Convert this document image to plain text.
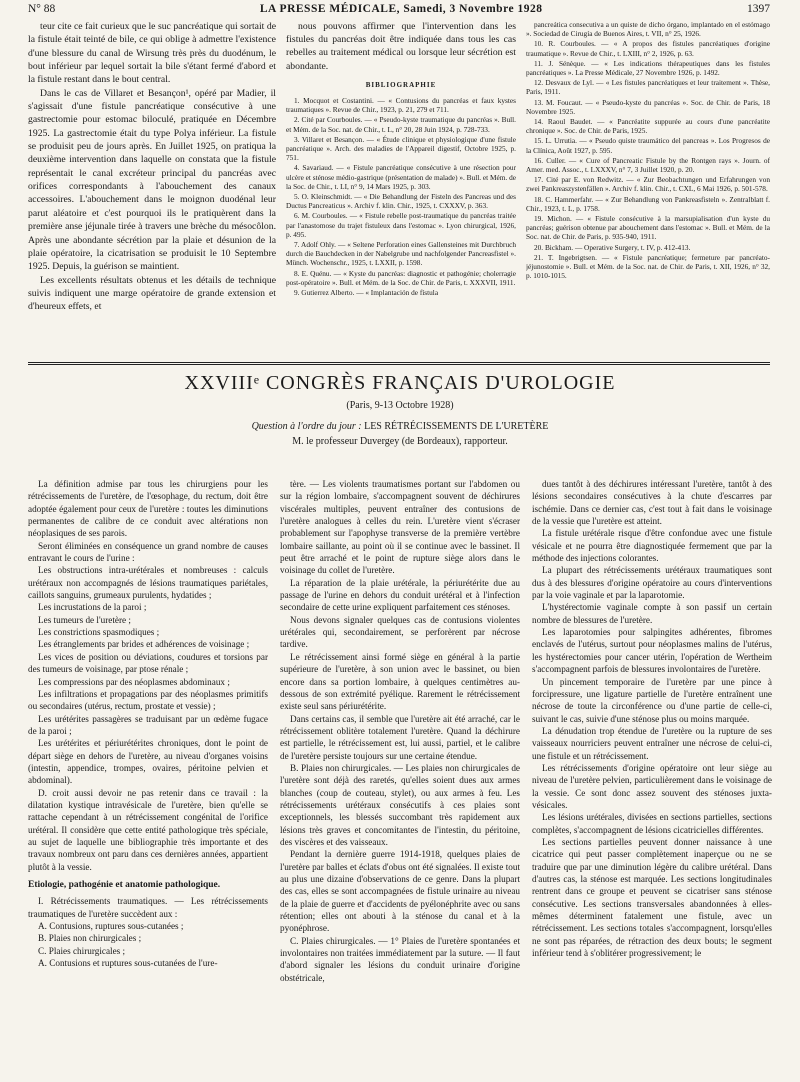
N° 88	LA PRESSE MÉDICALE, Samedi, 3 Novembre 1928	1397

teur cite ce fait curieux que le suc pancréatique qui sortait de la fistule était teinté de bile, ce qui oblige à admettre l'existence d'une blessure du canal de Wirsung très près du duodénum, le bout inférieur par lequel sortait la bile s'étant fermé d'abord et la fistule restant dans le bout central.

Dans le cas de Villaret et Besançon¹, opéré par Madier, il s'agissait d'une fistule pancréatique consécutive à une gastrectomie pour estomac biloculé, pratiquée en Décembre 1925. La gastrectomie était du type Polya inférieur. La fistule se produisit peu de jours après. En Juillet 1925, on pratiqua la deuxième intervention dans laquelle on constata que la fistule représentait le canal excréteur principal du pancréas avec orifices correspondants à l'abouchement des canaux accessoires. L'abouchement dans le moignon duodénal leur parut aléatoire et c'est pourquoi ils le pratiquèrent dans la première anse jéjunale tirée à travers une brèche du mésocôlon. Après une abondante sécrétion par la plaie et désunion de la plaie opératoire, la cicatrisation se produisit le 10 Septembre 1925. Depuis, la guérison se maintient.

Les excellents résultats obtenus et les détails de technique suivis indiquent une marge opératoire de grande extension et d'heureux effets, et

nous pouvons affirmer que l'intervention dans les fistules du pancréas doit être indiquée dans tous les cas rebelles au traitement médical ou lorsque leur sécrétion est abondante.

BIBLIOGRAPHIE

1. Mocquot et Costantini. — « Contusions du pancréas et faux kystes traumatiques ». Revue de Chir., 1923, p. 21, 279 et 711.

2. Cité par Courboules. — « Pseudo-kyste traumatique du pancréas ». Bull. et Mém. de la Soc. nat. de Chir., t. L, n° 20, 28 Juin 1924, p. 728-733.

3. Villaret et Besançon. — « Étude clinique et physiologique d'une fistule pancréatique ». Arch. des maladies de l'Appareil digestif, Octobre 1925, p. 751.

4. Savariaud. — « Fistule pancréatique consécutive à une résection pour ulcère et sténose médio-gastrique (présentation de malade) ». Bull. et Mém. de la Soc. de Chir., t. LI, n° 9, 14 Mars 1925, p. 303.

5. O. Kleinschmidt. — « Die Behandlung der Fisteln des Pancreas und des Ductus Pancreaticus ». Archiv f. klin. Chir., 1925, t. CXXXV, p. 363.

6. M. Courboules. — « Fistule rebelle post-traumatique du pancréas traitée par l'anastomose du trajet fistuleux dans l'estomac ». Lyon chirurgical, 1926, p. 495.

7. Adolf Ohly. — « Seltene Perforation eines Gallensteines mit Durchbruch durch die Bauchdecken in der Nabelgrube und nachfolgender Pancreasfistel ». Münch. Wochenschr., 1925, t. LXXII, p. 1598.

8. E. Quénu. — « Kyste du pancréas: diagnostic et pathogénie; cholerragie post-opératoire ». Bull. et Mém. de la Soc. de Chir. de Paris, t. XXXVII, 1911.

9. Gutierrez Alberto. — « Implantación de fístula

pancreática consecutiva a un quiste de dicho órgano, implantado en el estómago ». Sociedad de Cirugía de Buenos Aires, t. VII, n° 25, 1926.

10. R. Courboules. — « A propos des fistules pancréatiques d'origine traumatique ». Revue de Chir., t. LXIII, n° 2, 1926, p. 63.

11. J. Sénèque. — « Les indications thérapeutiques dans les fistules pancréatiques ». La Presse Médicale, 27 Novembre 1926, p. 1492.

12. Desvaux de Lyl. — « Les fistules pancréatiques et leur traitement ». Thèse, Paris, 1911.

13. M. Foucaut. — « Pseudo-kyste du pancréas ». Soc. de Chir. de Paris, 18 Novembre 1925.

14. Raoul Baudet. — « Pancréatite suppurée au cours d'une pancréatite chronique ». Soc. de Chir. de Paris, 1925.

15. L. Urrutia. — « Pseudo quiste traumático del pancreas ». Los Progresos de la Clínica, Août 1927, p. 595.

16. Culler. — « Cure of Pancreatic Fistule by the Rontgen rays ». Journ. of Amer. med. Assoc., t. LXXXV, n° 7, 3 Juillet 1920, p. 20.

17. Cité par E. von Redwitz. — « Zur Beobachtungen und Erfahrungen von zwei Pankreaszystenfällen ». Archiv f. klin. Chir., t. CXL, 6 Mai 1926, p. 501-578.

18. C. Hammerfahr. — « Zur Behandlung von Pankreasfisteln ». Zentralblatt f. Chir., 1923, t. L, p. 1758.

19. Michon. — « Fistule consécutive à la marsupialisation d'un kyste du pancréas; guérison obtenue par abouchement dans l'estomac ». Bull. et Mém. de la Soc. nat. de Chir. de Paris, p. 935-940, 1911.

20. Bickham. — Operative Surgery, t. IV, p. 412-413.

21. T. Ingebrigtsen. — « Fistule pancréatique; fermeture par pancréato-jéjunostomie ». Bull. et Mém. de la Soc. nat. de Chir. de Paris, t. XII, 1926, n° 32, p. 1010-1015.

XXVIIIᵉ CONGRÈS FRANÇAIS D'UROLOGIE
(Paris, 9-13 Octobre 1928)
Question à l'ordre du jour : LES RÉTRÉCISSEMENTS DE L'URETÈRE
M. le professeur Duvergey (de Bordeaux), rapporteur.

La définition admise par tous les chirurgiens pour les rétrécissements de l'uretère, de l'œsophage, du rectum, doit être adoptée également pour ceux de l'uretère : toutes les diminutions permanentes de calibre de ce conduit avec altérations non néoplasiques de ses parois.

Seront éliminées en conséquence un grand nombre de causes entravant le cours de l'urine :

Les obstructions intra-urétérales et nombreuses : calculs urétéraux non accompagnés de lésions traumatiques pariétales, caillots sanguins, grumeaux purulents, hydatides ;

Les incrustations de la paroi ;

Les tumeurs de l'uretère ;

Les constrictions spasmodiques ;

Les étranglements par brides et adhérences de voisinage ;

Les vices de position ou déviations, coudures et torsions par des tumeurs de voisinage, par ptose rénale ;

Les compressions par des néoplasmes abdominaux ;

Les infiltrations et propagations par des néoplasmes primitifs ou secondaires (utérus, rectum, prostate et vessie) ;

Les urétérites passagères se traduisant par un œdème fugace de la paroi ;

Les urétérites et périurétérites chroniques, dont le point de départ siège en dehors de l'uretère, au niveau d'organes voisins (intestin, appendice, trompes, ovaires, péritoine pelvien et abdominal).

D. croit aussi devoir ne pas retenir dans ce travail : la dilatation kystique intravésicale de l'uretère, bien qu'elle se rattache cependant à un rétrécissement congénital de l'orifice urétéral. Il considère que cette entité pathologique très spéciale, au sujet de laquelle une bibliographie très importante et des travaux nombreux ont paru dans ces dernières années, appartient plutôt à la vessie.

Etiologie, pathogénie et anatomie pathologique.

I. Rétrécissements traumatiques. — Les rétrécissements traumatiques de l'uretère succèdent aux :

A. Contusions, ruptures sous-cutanées ;

B. Plaies non chirurgicales ;

C. Plaies chirurgicales ;

A. Contusions et ruptures sous-cutanées de l'ure-

tère. — Les violents traumatismes portant sur l'abdomen ou sur la région lombaire, s'accompagnent souvent de déchirures viscérales multiples, peuvent entraîner des contusions de l'uretère analogues à celles du rein. L'uretère vient s'écraser probablement sur l'apophyse transverse de la première vertèbre lombaire saillante, au point où il se continue avec le bassinet. Il peut être arraché et le point de rupture siège alors dans le voisinage du collet de l'uretère.

La réparation de la plaie urétérale, la périurétérite due au passage de l'urine en dehors du conduit urétéral et à l'infection secondaire de cette urine expliquent parfaitement ces sténoses.

Nous devons signaler quelques cas de contusions violentes urétérales qui, secondairement, se perforèrent par nécrose tardive.

Le rétrécissement ainsi formé siège en général à la partie supérieure de l'uretère, à son union avec le bassinet, ou bien encore dans sa portion lombaire, à quelques centimètres au-dessous de son extrémité pyélique. Rarement le rétrécissement existe seul sans périurétérite.

Dans certains cas, il semble que l'uretère ait été arraché, car le rétrécissement oblitère totalement l'uretère. Quand la déchirure est partielle, le rétrécissement est, lui aussi, partiel, et le calibre de l'uretère persiste toujours sur une certaine étendue.

B. Plaies non chirurgicales. — Les plaies non chirurgicales de l'uretère sont déjà des raretés, qu'elles soient dues aux armes blanches (coup de couteau, stylet), ou aux armes à feu. Les rétrécissements urétéraux consécutifs à ces plaies sont exceptionnels, les blessés succombant très rapidement aux lésions très graves et concomitantes de l'intestin, du péritoine, des viscères et des vaisseaux.

Pendant la dernière guerre 1914-1918, quelques plaies de l'uretère par balles et éclats d'obus ont été signalées. Il existe tout au plus une dizaine d'observations de ce genre. Dans la plupart des cas, elles se sont accompagnées de fistule urinaire au niveau de la plaie de guerre et d'accidents de pyélonéphrite avec ou sans rétention; elles ont abouti à la sténose du canal et à la pyonéphrose.

C. Plaies chirurgicales. — 1° Plaies de l'uretère spontanées et involontaires non traitées immédiatement par la suture. — Il faut d'abord signaler les lésions du conduit urinaire d'origine obstétricale,

dues tantôt à des déchirures intéressant l'uretère, tantôt à des lésions secondaires consécutives à la chute d'escarres par ischémie. Dans ce dernier cas, c'est tout à fait dans le voisinage de la vessie que l'uretère est atteint.

La fistule urétérale risque d'être confondue avec une fistule vésicale et ne pourra être diagnostiquée fermement que par la méthode des injections colorantes.

La plupart des rétrécissements urétéraux traumatiques sont dus à des blessures d'origine opératoire au cours d'interventions par la voie vaginale et par la laparotomie.

L'hystérectomie vaginale compte à son passif un certain nombre de blessures de l'uretère.

Les laparotomies pour salpingites adhérentes, fibromes enclavés de l'utérus, surtout pour néoplasmes malins de l'utérus, les hystérectomies pour cancer utérin, l'opération de Wertheim s'accompagnent parfois de blessures involontaires de l'uretère.

Un pincement temporaire de l'uretère par une pince à forcipressure, une ligature partielle de l'uretère entraînent une nécrose de toute la circonférence ou d'une partie de celle-ci, suivant le cas, suivie d'une sténose plus ou moins marquée.

La dénudation trop étendue de l'uretère ou la rupture de ses vaisseaux nourriciers peuvent entraîner une nécrose de celui-ci, une fistule et un rétrécissement.

Les rétrécissements d'origine opératoire ont leur siège au niveau de l'uretère pelvien, particulièrement dans le voisinage de la vessie. Ce sont donc assez souvent des sténoses juxta-vésicales.

Les lésions urétérales, divisées en sections partielles, sections complètes, s'accompagnent de lésions cicatricielles différentes.

Les sections partielles peuvent donner naissance à une cicatrice qui peut passer complètement inaperçue ou ne se traduire que par une diminution légère du calibre urétéral. Dans d'autres cas, la sténose est marquée. Les sections longitudinales rentrent dans ce groupe et peuvent se cicatriser sans sténose consécutive. Les sections transversales abandonnées à elles-mêmes déterminent fatalement une fistule, avec un rétrécissement. Les sections totales s'accompagnent, lorsqu'elles ne sont pas réparées, de rétraction des deux bouts; le segment inférieur tend à s'oblitérer progressivement; le
